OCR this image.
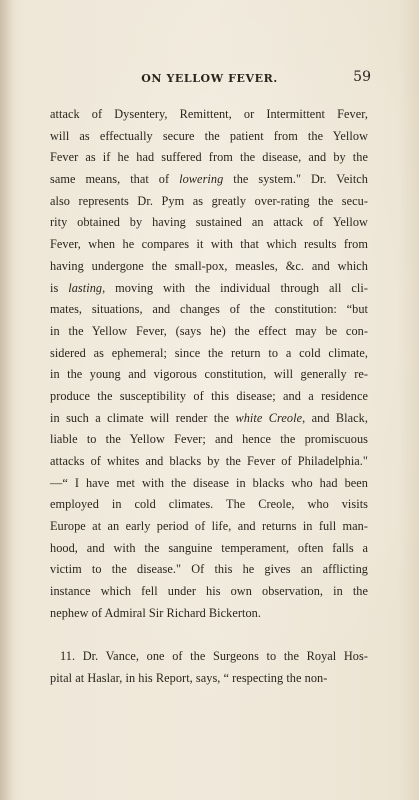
ON YELLOW FEVER.	59
attack of Dysentery, Remittent, or Intermittent Fever,
will as effectually secure the patient from the Yellow
Fever as if he had suffered from the disease, and by the
same means, that of lowering the system." Dr. Veitch
also represents Dr. Pym as greatly over-rating the secu-
rity obtained by having sustained an attack of Yellow
Fever, when he compares it with that which results from
having undergone the small-pox, measles, &c. and which
is lasting, moving with the individual through all cli-
mates, situations, and changes of the constitution: “but
in the Yellow Fever, (says he) the effect may be con-
sidered as ephemeral; since the return to a cold climate,
in the young and vigorous constitution, will generally re-
produce the susceptibility of this disease; and a residence
in such a climate will render the white Creole, and Black,
liable to the Yellow Fever; and hence the promiscuous
attacks of whites and blacks by the Fever of Philadelphia."
—“ I have met with the disease in blacks who had been
employed in cold climates. The Creole, who visits
Europe at an early period of life, and returns in full man-
hood, and with the sanguine temperament, often falls a
victim to the disease." Of this he gives an afflicting
instance which fell under his own observation, in the
nephew of Admiral Sir Richard Bickerton.
11. Dr. Vance, one of the Surgeons to the Royal Hos-
pital at Haslar, in his Report, says, “ respecting the non-
